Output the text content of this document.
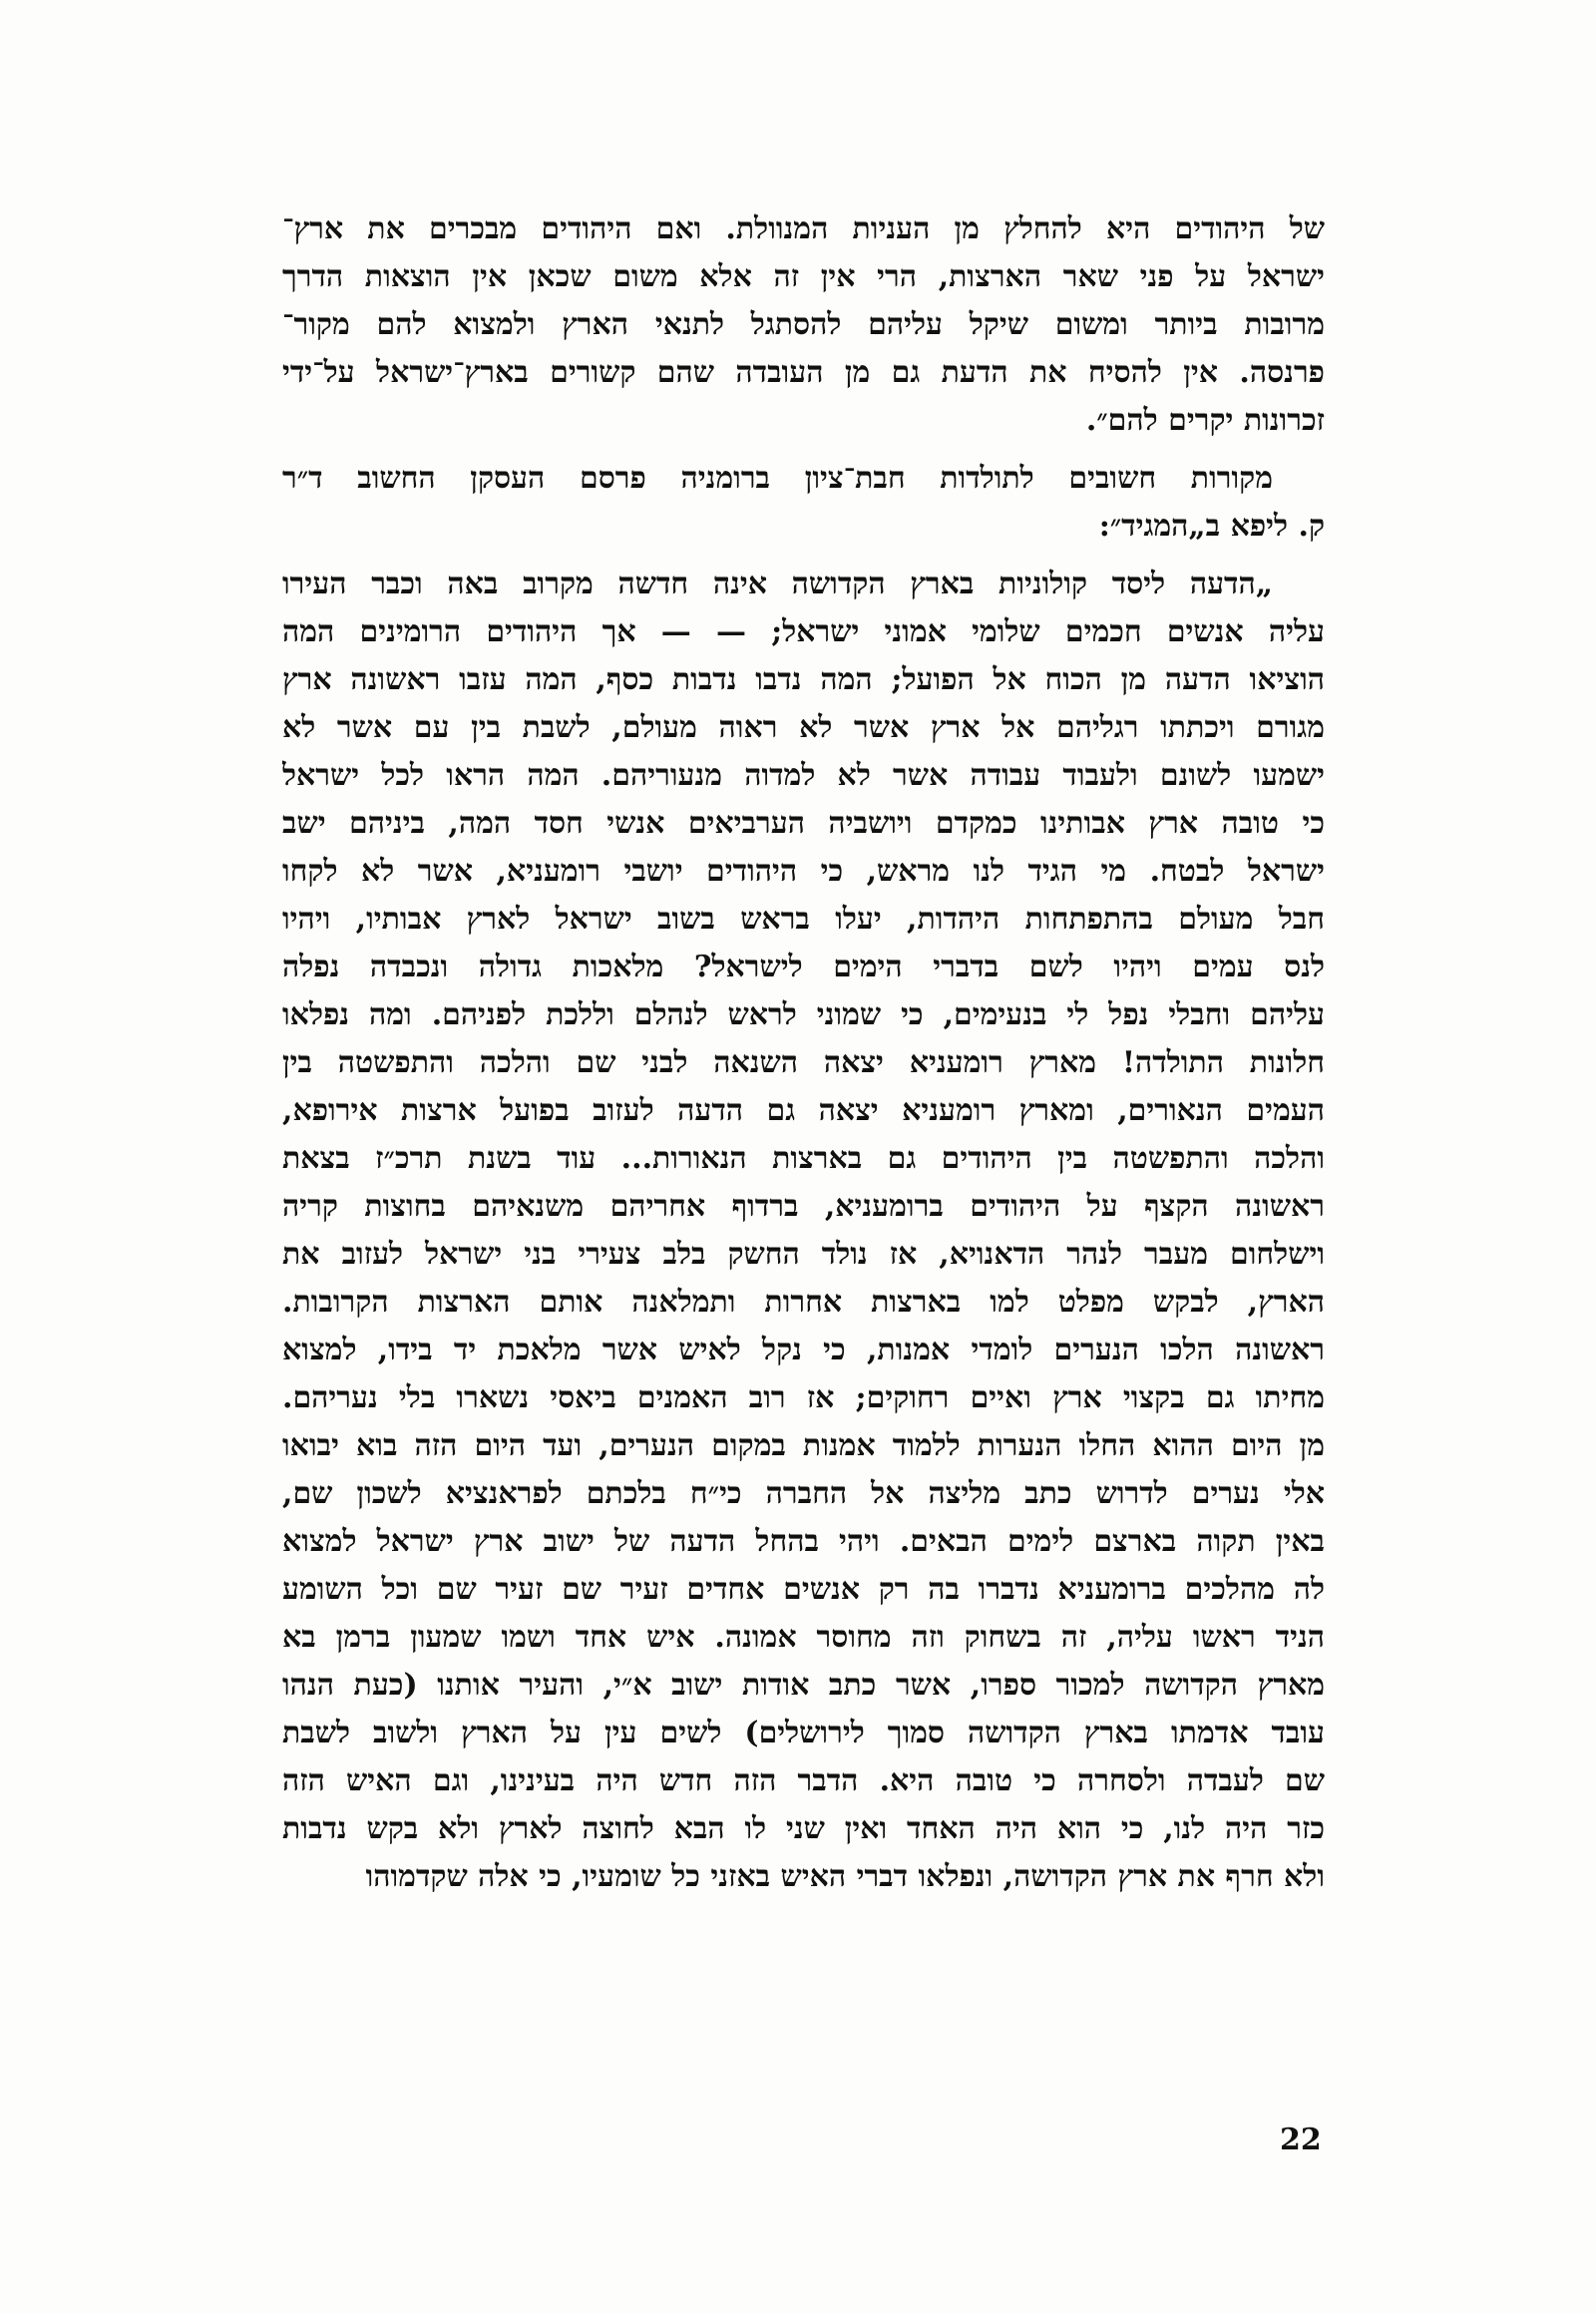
של היהודים היא להחלץ מן העניות המנוולת. ואם היהודים מבכרים את ארץ־
ישראל על פני שאר הארצות, הרי אין זה אלא משום שכאן אין הוצאות הדרך
מרובות ביותר ומשום שיקל עליהם להסתגל לתנאי הארץ ולמצוא להם מקור־
פרנסה. אין להסיח את הדעת גם מן העובדה שהם קשורים בארץ־ישראל על־ידי
זכרונות יקרים להם״.
מקורות חשובים לתולדות חבת־ציון ברומניה פרסם העסקן החשוב ד״ר
ק. ליפא ב„המגיד״:
„הדעה ליסד קולוניות בארץ הקדושה אינה חדשה מקרוב באה וכבר העירו
עליה אנשים חכמים שלומי אמוני ישראל; — — אך היהודים הרומינים המה
הוציאו הדעה מן הכוח אל הפועל; המה נדבו נדבות כסף, המה עזבו ראשונה ארץ
מגורם ויכתתו רגליהם אל ארץ אשר לא ראוה מעולם, לשבת בין עם אשר לא
ישמעו לשונם ולעבוד עבודה אשר לא למדוה מנעוריהם. המה הראו לכל ישראל
כי טובה ארץ אבותינו כמקדם ויושביה הערביאים אנשי חסד המה, ביניהם ישב
ישראל לבטח. מי הגיד לנו מראש, כי היהודים יושבי רומעניא, אשר לא לקחו
חבל מעולם בהתפתחות היהדות, יעלו בראש בשוב ישראל לארץ אבותיו, ויהיו
לנס עמים ויהיו לשם בדברי הימים לישראל? מלאכות גדולה ונכבדה נפלה
עליהם וחבלי נפל לי בנעימים, כי שמוני לראש לנהלם וללכת לפניהם. ומה נפלאו
חלונות התולדה! מארץ רומעניא יצאה השנאה לבני שם והלכה והתפשטה בין
העמים הנאורים, ומארץ רומעניא יצאה גם הדעה לעזוב בפועל ארצות אירופא,
והלכה והתפשטה בין היהודים גם בארצות הנאורות... עוד בשנת תרכ״ז בצאת
ראשונה הקצף על היהודים ברומעניא, ברדוף אחריהם משנאיהם בחוצות קריה
וישלחום מעבר לנהר הדאנויא, אז נולד החשק בלב צעירי בני ישראל לעזוב את
הארץ, לבקש מפלט למו בארצות אחרות ותמלאנה אותם הארצות הקרובות.
ראשונה הלכו הנערים לומדי אמנות, כי נקל לאיש אשר מלאכת יד בידו, למצוא
מחיתו גם בקצוי ארץ ואיים רחוקים; אז רוב האמנים ביאסי נשארו בלי נעריהם.
מן היום ההוא החלו הנערות ללמוד אמנות במקום הנערים, ועד היום הזה בוא יבואו
אלי נערים לדרוש כתב מליצה אל החברה כי״ח בלכתם לפראנציא לשכון שם,
באין תקוה בארצם לימים הבאים. ויהי בהחל הדעה של ישוב ארץ ישראל למצוא
לה מהלכים ברומעניא נדברו בה רק אנשים אחדים זעיר שם זעיר שם וכל השומע
הניד ראשו עליה, זה בשחוק וזה מחוסר אמונה. איש אחד ושמו שמעון ברמן בא
מארץ הקדושה למכור ספרו, אשר כתב אודות ישוב א״י, והעיר אותנו (כעת הנהו
עובד אדמתו בארץ הקדושה סמוך לירושלים) לשים עין על הארץ ולשוב לשבת
שם לעבדה ולסחרה כי טובה היא. הדבר הזה חדש היה בעינינו, וגם האיש הזה
כזר היה לנו, כי הוא היה האחד ואין שני לו הבא לחוצה לארץ ולא בקש נדבות
ולא חרף את ארץ הקדושה, ונפלאו דברי האיש באזני כל שומעיו, כי אלה שקדמוהו
22
